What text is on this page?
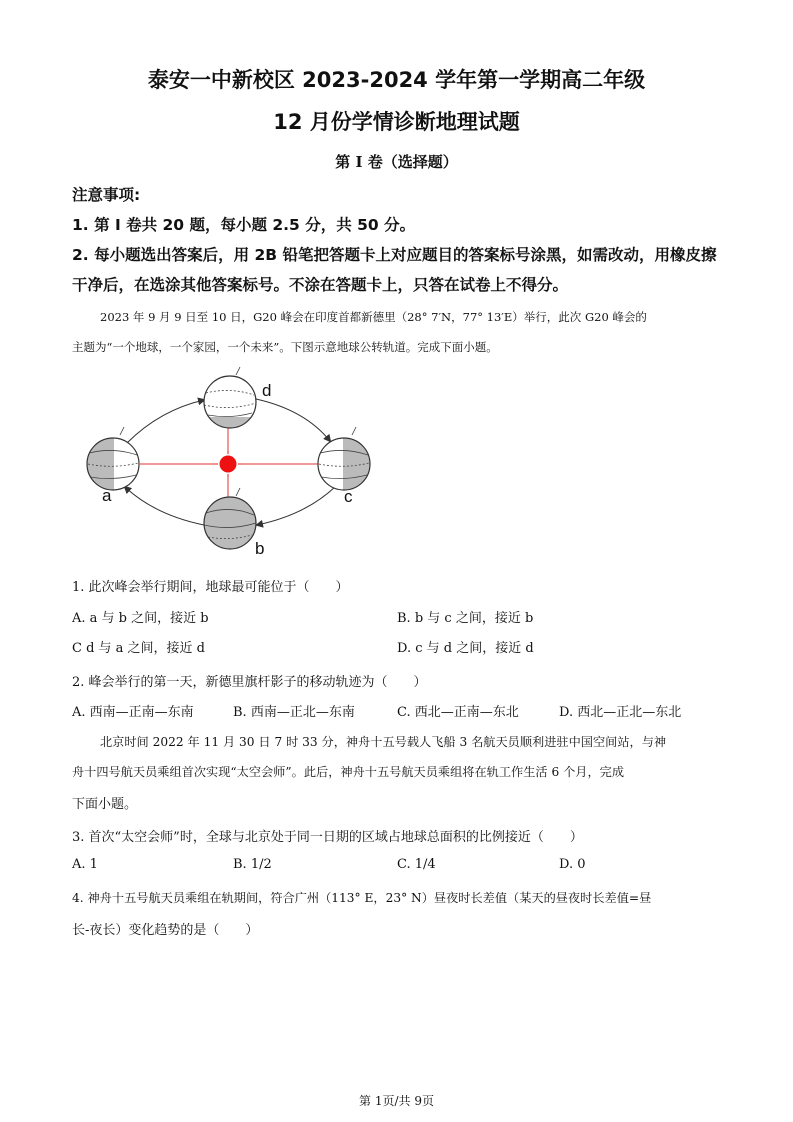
泰安一中新校区 2023-2024 学年第一学期高二年级
12 月份学情诊断地理试题
第 I 卷（选择题）
注意事项:
1. 第 I 卷共 20 题，每小题 2.5 分，共 50 分。
2. 每小题选出答案后，用 2B 铅笔把答题卡上对应题目的答案标号涂黑，如需改动，用橡皮擦
干净后，在选涂其他答案标号。不涂在答题卡上，只答在试卷上不得分。
2023 年 9 月 9 日至 10 日，G20 峰会在印度首都新德里（28° 7′N，77° 13′E）举行，此次 G20 峰会的
主题为“一个地球，一个家园，一个未来”。下图示意地球公转轨道。完成下面小题。
a
b
c
d
1. 此次峰会举行期间，地球最可能位于（　　）
A. a 与 b 之间，接近 b	B. b 与 c 之间，接近 b
C d 与 a 之间，接近 d	D. c 与 d 之间，接近 d
2. 峰会举行的第一天，新德里旗杆影子的移动轨迹为（　　）
A. 西南—正南—东南	B. 西南—正北—东南	C. 西北—正南—东北	D. 西北—正北—东北
北京时间 2022 年 11 月 30 日 7 时 33 分，神舟十五号载人飞船 3 名航天员顺利进驻中国空间站，与神
舟十四号航天员乘组首次实现“太空会师”。此后，神舟十五号航天员乘组将在轨工作生活 6 个月，完成
下面小题。
3. 首次“太空会师”时，全球与北京处于同一日期的区域占地球总面积的比例接近（　　）
A. 1	B. 1/2	C. 1/4	D. 0
4. 神舟十五号航天员乘组在轨期间，符合广州（113° E，23° N）昼夜时长差值（某天的昼夜时长差值=昼
长-夜长）变化趋势的是（　　）
第 1页/共 9页
